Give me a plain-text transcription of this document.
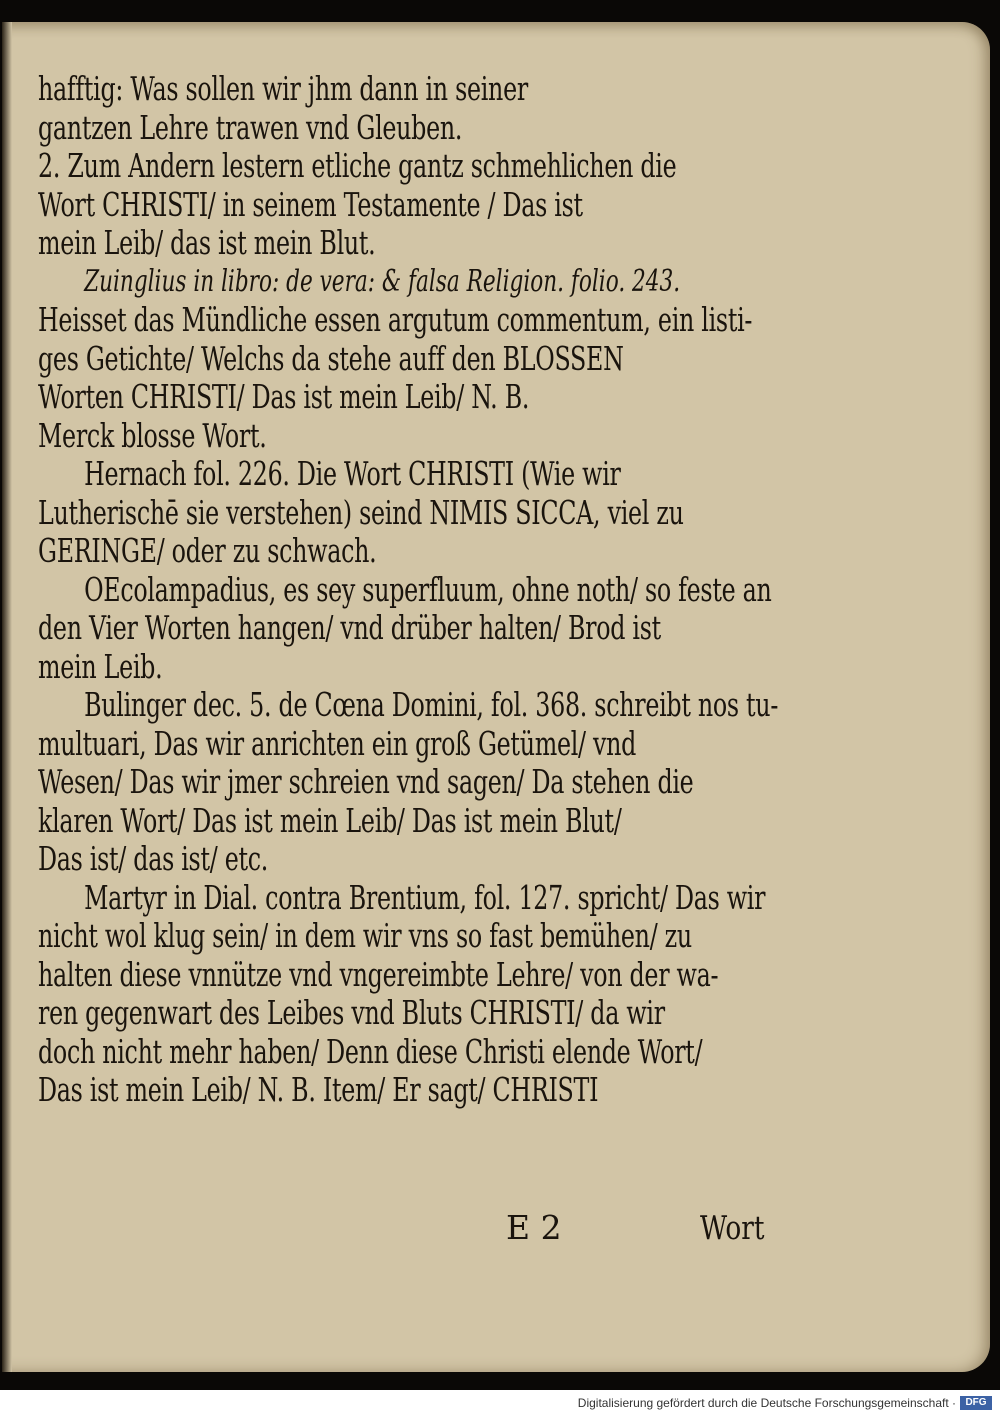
hafftig: Was sollen wir jhm dann in seiner
gantzen Lehre trawen vnd Gleuben.
2. Zum Andern lestern etliche gantz schmehlichen die
Wort CHRISTI/ in seinem Testamente / Das ist
mein Leib/ das ist mein Blut.
Zuinglius in libro: de vera: & falsa Religion. folio. 243.
Heisset das Mündliche essen argutum commentum, ein listi-
ges Getichte/ Welchs da stehe auff den BLOSSEN
Worten CHRISTI/ Das ist mein Leib/ N. B.
Merck blosse Wort.
Hernach fol. 226. Die Wort CHRISTI (Wie wir
Lutherischē sie verstehen) seind NIMIS SICCA, viel zu
GERINGE/ oder zu schwach.
OEcolampadius, es sey superfluum, ohne noth/ so feste an
den Vier Worten hangen/ vnd drüber halten/ Brod ist
mein Leib.
Bulinger dec. 5. de Cœna Domini, fol. 368. schreibt nos tu-
multuari, Das wir anrichten ein groß Getümel/ vnd
Wesen/ Das wir jmer schreien vnd sagen/ Da stehen die
klaren Wort/ Das ist mein Leib/ Das ist mein Blut/
Das ist/ das ist/ etc.
Martyr in Dial. contra Brentium, fol. 127. spricht/ Das wir
nicht wol klug sein/ in dem wir vns so fast bemühen/ zu
halten diese vnnütze vnd vngereimbte Lehre/ von der wa-
ren gegenwart des Leibes vnd Bluts CHRISTI/ da wir
doch nicht mehr haben/ Denn diese Christi elende Wort/
Das ist mein Leib/ N. B. Item/ Er sagt/ CHRISTI
E 2	Wort
Digitalisierung gefördert durch die Deutsche Forschungsgemeinschaft · DFG
